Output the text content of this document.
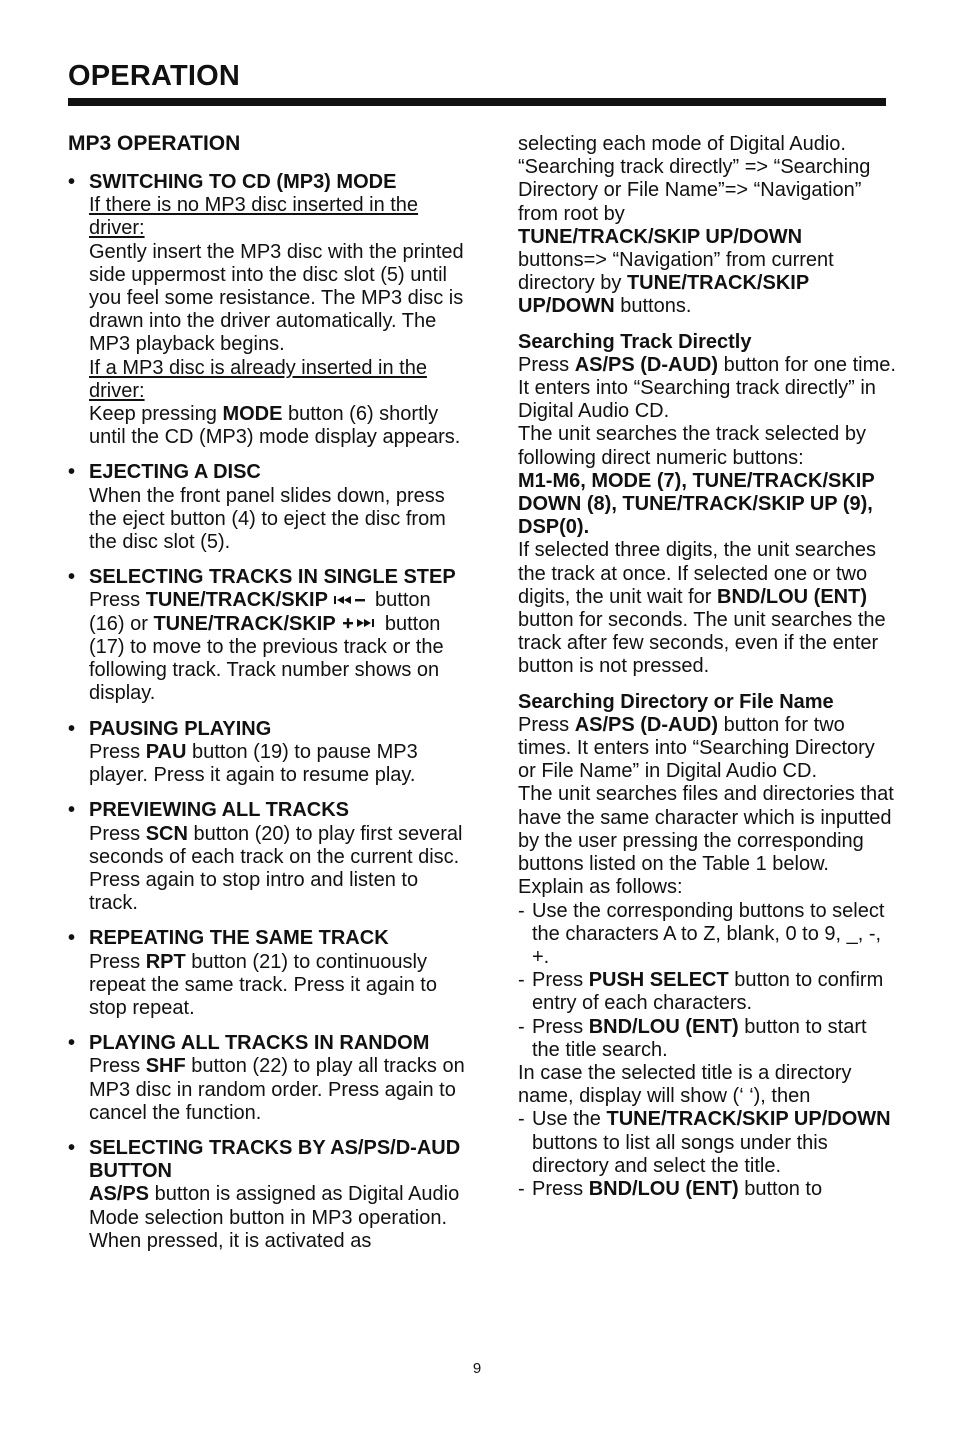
OPERATION
MP3 OPERATION
• SWITCHING TO CD (MP3) MODE
If there is no MP3 disc inserted in the
driver:
Gently insert the MP3 disc with the printed side uppermost into the disc slot (5) until you feel some resistance. The MP3 disc is drawn into the driver automatically. The MP3 playback begins.
If a MP3 disc is already inserted in the
driver:
Keep pressing MODE button (6) shortly until the CD (MP3) mode display appears.
• EJECTING A DISC
When the front panel slides down, press the eject button (4) to eject the disc from the disc slot (5).
• SELECTING TRACKS IN SINGLE STEP
Press TUNE/TRACK/SKIP button (16) or TUNE/TRACK/SKIP button (17) to move to the previous track or the following track. Track number shows on display.
• PAUSING PLAYING
Press PAU button (19) to pause MP3 player. Press it again to resume play.
• PREVIEWING ALL TRACKS
Press SCN button (20) to play first several seconds of each track on the current disc. Press again to stop intro and listen to track.
• REPEATING THE SAME TRACK
Press RPT button (21) to continuously repeat the same track. Press it again to stop repeat.
• PLAYING ALL TRACKS IN RANDOM
Press SHF button (22) to play all tracks on MP3 disc in random order. Press again to cancel the function.
• SELECTING TRACKS BY AS/PS/D-AUD BUTTON
AS/PS button is assigned as Digital Audio Mode selection button in MP3 operation.
When pressed, it is activated as
selecting each mode of Digital Audio. “Searching track directly” => “Searching Directory or File Name”=> “Navigation” from root by
TUNE/TRACK/SKIP UP/DOWN
buttons=> “Navigation” from current directory by TUNE/TRACK/SKIP UP/DOWN buttons.
Searching Track Directly
Press AS/PS (D-AUD) button for one time. It enters into “Searching track directly” in Digital Audio CD.
The unit searches the track selected by following direct numeric buttons:
M1-M6, MODE (7), TUNE/TRACK/SKIP DOWN (8), TUNE/TRACK/SKIP UP (9), DSP(0).
If selected three digits, the unit searches the track at once. If selected one or two digits, the unit wait for BND/LOU (ENT) button for seconds. The unit searches the track after few seconds, even if the enter button is not pressed.
Searching Directory or File Name
Press AS/PS (D-AUD) button for two times. It enters into “Searching Directory or File Name” in Digital Audio CD.
The unit searches files and directories that have the same character which is inputted by the user pressing the corresponding buttons listed on the Table 1 below.
Explain as follows:
- Use the corresponding buttons to select the characters A to Z, blank, 0 to 9, _, -, +.
- Press PUSH SELECT button to confirm entry of each characters.
- Press BND/LOU (ENT) button to start the title search.
In case the selected title is a directory name, display will show (‘ ‘), then
- Use the TUNE/TRACK/SKIP UP/DOWN buttons to list all songs under this directory and select the title.
- Press BND/LOU (ENT) button to
9
